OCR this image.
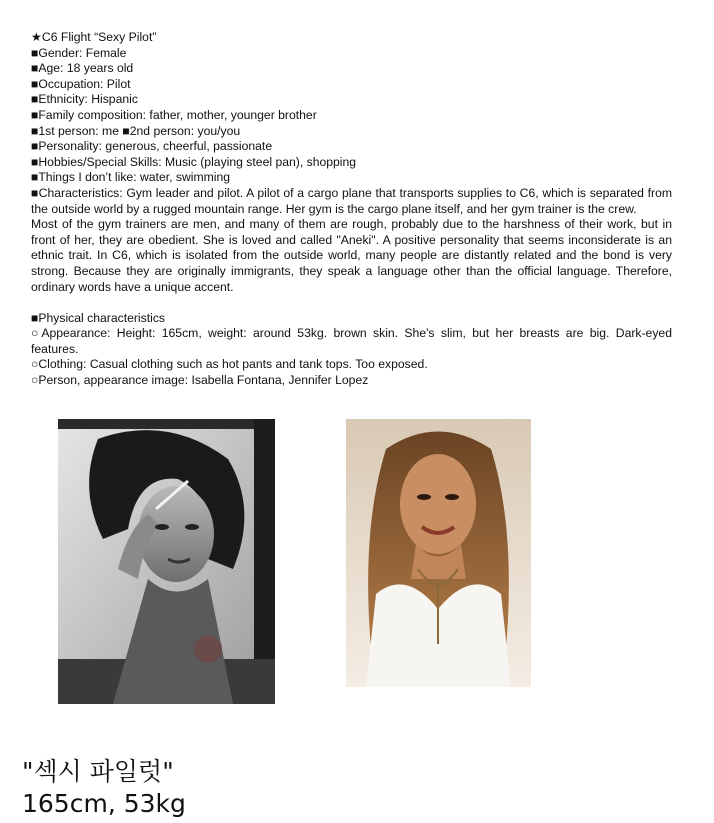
★C6 Flight “Sexy Pilot”

■Gender: Female

■Age: 18 years old

■Occupation: Pilot

■Ethnicity: Hispanic

■Family composition: father, mother, younger brother

■1st person: me ■2nd person: you/you

■Personality: generous, cheerful, passionate

■Hobbies/Special Skills: Music (playing steel pan), shopping

■Things I don’t like: water, swimming

■Characteristics: Gym leader and pilot. A pilot of a cargo plane that transports supplies to C6, which is separated from the outside world by a rugged mountain range. Her gym is the cargo plane itself, and her gym trainer is the crew.

Most of the gym trainers are men, and many of them are rough, probably due to the harshness of their work, but in front of her, they are obedient. She is loved and called "Aneki". A positive personality that seems inconsiderate is an ethnic trait. In C6, which is isolated from the outside world, many people are distantly related and the bond is very strong. Because they are originally immigrants, they speak a language other than the official language. Therefore, ordinary words have a unique accent.

■Physical characteristics

○Appearance: Height: 165cm, weight: around 53kg. brown skin. She's slim, but her breasts are big. Dark-eyed features.

○Clothing: Casual clothing such as hot pants and tank tops. Too exposed.

○Person, appearance image: Isabella Fontana, Jennifer Lopez

"섹시 파일럿"
165cm, 53kg
